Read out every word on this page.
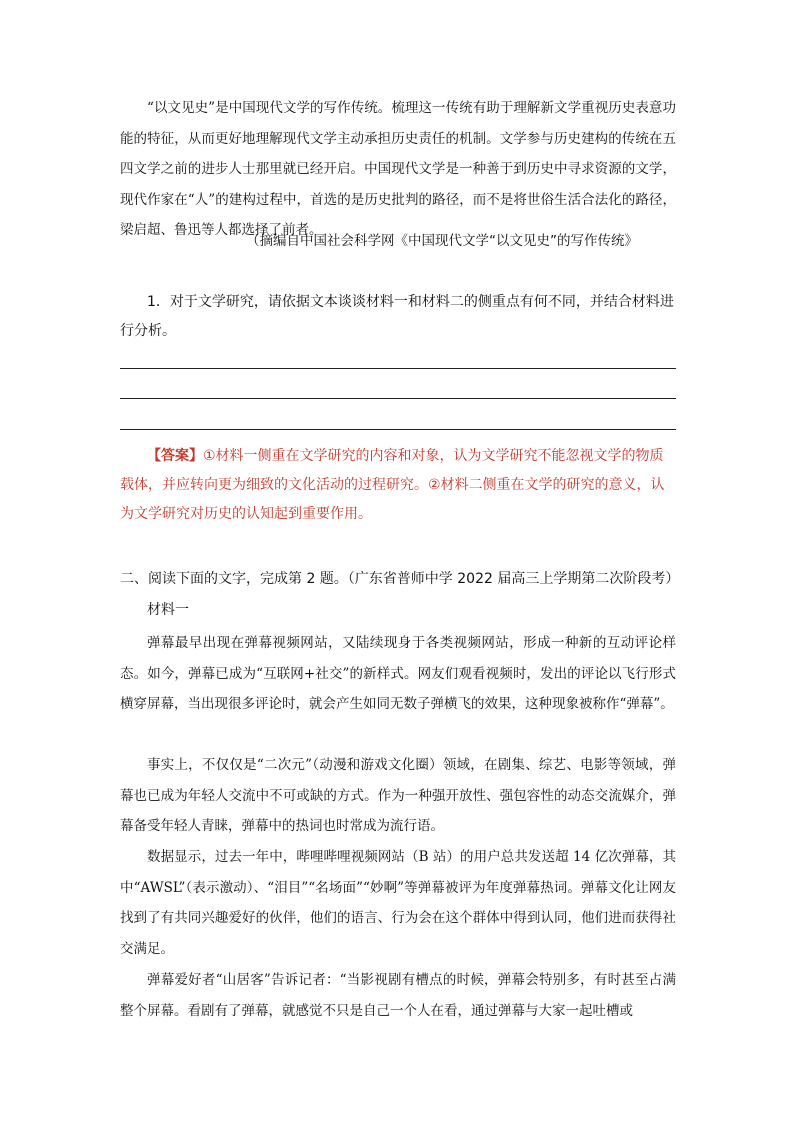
“以文见史”是中国现代文学的写作传统。梳理这一传统有助于理解新文学重视历史表意功能的特征，从而更好地理解现代文学主动承担历史责任的机制。文学参与历史建构的传统在五四文学之前的进步人士那里就已经开启。中国现代文学是一种善于到历史中寻求资源的文学，现代作家在“人”的建构过程中，首选的是历史批判的路径，而不是将世俗生活合法化的路径，梁启超、鲁迅等人都选择了前者。

（摘编自中国社会科学网《中国现代文学“以文见史”的写作传统》

1．对于文学研究，请依据文本谈谈材料一和材料二的侧重点有何不同，并结合材料进行分析。

【答案】①材料一侧重在文学研究的内容和对象，认为文学研究不能忽视文学的物质载体，并应转向更为细致的文化活动的过程研究。②材料二侧重在文学的研究的意义，认为文学研究对历史的认知起到重要作用。

二、阅读下面的文字，完成第 2 题。（广东省普师中学 2022 届高三上学期第二次阶段考）
材料一

弹幕最早出现在弹幕视频网站，又陆续现身于各类视频网站，形成一种新的互动评论样态。如今，弹幕已成为“互联网+社交”的新样式。网友们观看视频时，发出的评论以飞行形式横穿屏幕，当出现很多评论时，就会产生如同无数子弹横飞的效果，这种现象被称作“弹幕”。

事实上，不仅仅是“二次元”（动漫和游戏文化圈）领域，在剧集、综艺、电影等领域，弹幕也已成为年轻人交流中不可或缺的方式。作为一种强开放性、强包容性的动态交流媒介，弹幕备受年轻人青睐，弹幕中的热词也时常成为流行语。

数据显示，过去一年中，哔哩哔哩视频网站（B 站）的用户总共发送超 14 亿次弹幕，其中“AWSL”（表示激动）、“泪目”“名场面”“妙啊”等弹幕被评为年度弹幕热词。弹幕文化让网友找到了有共同兴趣爱好的伙伴，他们的语言、行为会在这个群体中得到认同，他们进而获得社交满足。

弹幕爱好者“山居客”告诉记者：“当影视剧有槽点的时候，弹幕会特别多，有时甚至占满整个屏幕。看剧有了弹幕，就感觉不只是自己一个人在看，通过弹幕与大家一起吐槽或
